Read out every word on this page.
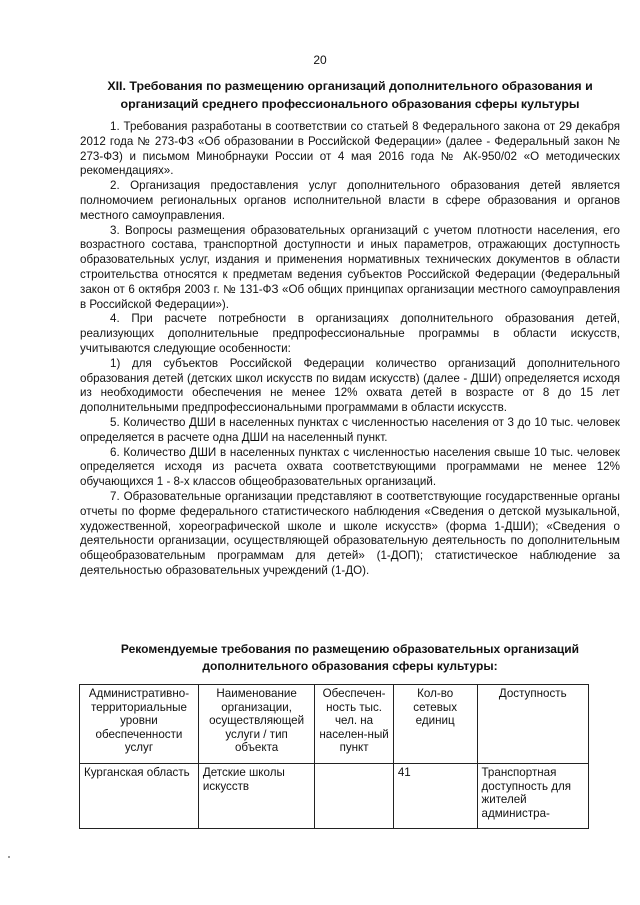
20
XII. Требования по размещению организаций дополнительного образования и организаций среднего профессионального образования сферы культуры

1. Требования разработаны в соответствии со статьей 8 Федерального закона от 29 декабря 2012 года № 273-ФЗ «Об образовании в Российской Федерации» (далее - Федеральный закон № 273-ФЗ) и письмом Минобрнауки России от 4 мая 2016 года № АК-950/02 «О методических рекомендациях».

2. Организация предоставления услуг дополнительного образования детей является полномочием региональных органов исполнительной власти в сфере образования и органов местного самоуправления.

3. Вопросы размещения образовательных организаций с учетом плотности населения, его возрастного состава, транспортной доступности и иных параметров, отражающих доступность образовательных услуг, издания и применения нормативных технических документов в области строительства относятся к предметам ведения субъектов Российской Федерации (Федеральный закон от 6 октября 2003 г. № 131-ФЗ «Об общих принципах организации местного самоуправления в Российской Федерации»).

4. При расчете потребности в организациях дополнительного образования детей, реализующих дополнительные предпрофессиональные программы в области искусств, учитываются следующие особенности:

1) для субъектов Российской Федерации количество организаций дополнительного образования детей (детских школ искусств по видам искусств) (далее - ДШИ) определяется исходя из необходимости обеспечения не менее 12% охвата детей в возрасте от 8 до 15 лет дополнительными предпрофессиональными программами в области искусств.

5. Количество ДШИ в населенных пунктах с численностью населения от 3 до 10 тыс. человек определяется в расчете одна ДШИ на населенный пункт.

6. Количество ДШИ в населенных пунктах с численностью населения свыше 10 тыс. человек определяется исходя из расчета охвата соответствующими программами не менее 12% обучающихся 1 - 8-х классов общеобразовательных организаций.

7. Образовательные организации представляют в соответствующие государственные органы отчеты по форме федерального статистического наблюдения «Сведения о детской музыкальной, художественной, хореографической школе и школе искусств» (форма 1-ДШИ); «Сведения о деятельности организации, осуществляющей образовательную деятельность по дополнительным общеобразовательным программам для детей» (1-ДОП); статистическое наблюдение за деятельностью образовательных учреждений (1-ДО).

Рекомендуемые требования по размещению образовательных организаций дополнительного образования сферы культуры:
Административно-территориальные уровни обеспеченности услуг	Наименование организации, осуществляющей услуги / тип объекта	Обеспечен-ность тыс. чел. на населен-ный пункт	Кол-во сетевых единиц	Доступность
Курганская область	Детские школы искусств		41	Транспортная доступность для жителей администра-
